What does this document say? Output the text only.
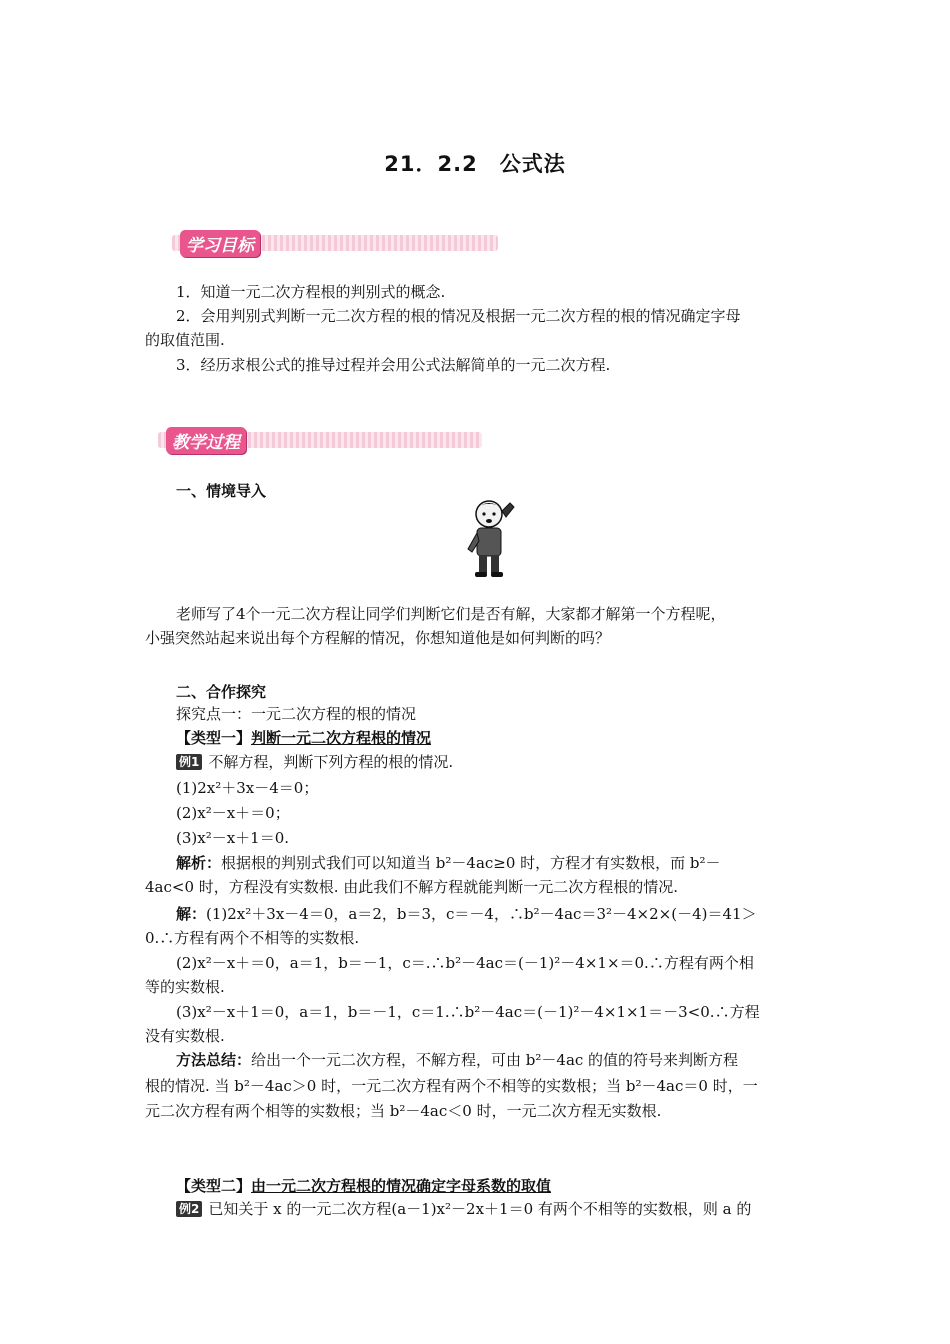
21．2.2　公式法
学习目标
1．知道一元二次方程根的判别式的概念.
2．会用判别式判断一元二次方程的根的情况及根据一元二次方程的根的情况确定字母
的取值范围.
3．经历求根公式的推导过程并会用公式法解简单的一元二次方程.
教学过程
一、情境导入
老师写了4个一元二次方程让同学们判断它们是否有解，大家都才解第一个方程呢，
小强突然站起来说出每个方程解的情况，你想知道他是如何判断的吗？
二、合作探究
探究点一：一元二次方程的根的情况
【类型一】判断一元二次方程根的情况
例1 不解方程，判断下列方程的根的情况.
(1)2x²＋3x－4＝0；
(2)x²－x＋＝0；
(3)x²－x＋1＝0.
解析：根据根的判别式我们可以知道当 b²－4ac≥0 时，方程才有实数根，而 b²－
4ac<0 时，方程没有实数根. 由此我们不解方程就能判断一元二次方程根的情况.
解：(1)2x²＋3x－4＝0，a＝2，b＝3，c＝－4，∴b²－4ac＝3²－4×2×(－4)＝41＞
0.∴方程有两个不相等的实数根.
(2)x²－x＋＝0，a＝1，b＝－1，c＝.∴b²－4ac＝(－1)²－4×1×＝0.∴方程有两个相
等的实数根.
(3)x²－x＋1＝0，a＝1，b＝－1，c＝1.∴b²－4ac＝(－1)²－4×1×1＝－3<0.∴方程
没有实数根.
方法总结：给出一个一元二次方程，不解方程，可由 b²－4ac 的值的符号来判断方程
根的情况. 当 b²－4ac＞0 时，一元二次方程有两个不相等的实数根；当 b²－4ac＝0 时，一
元二次方程有两个相等的实数根；当 b²－4ac＜0 时，一元二次方程无实数根.
【类型二】由一元二次方程根的情况确定字母系数的取值
例2 已知关于 x 的一元二次方程(a－1)x²－2x＋1＝0 有两个不相等的实数根，则 a 的
